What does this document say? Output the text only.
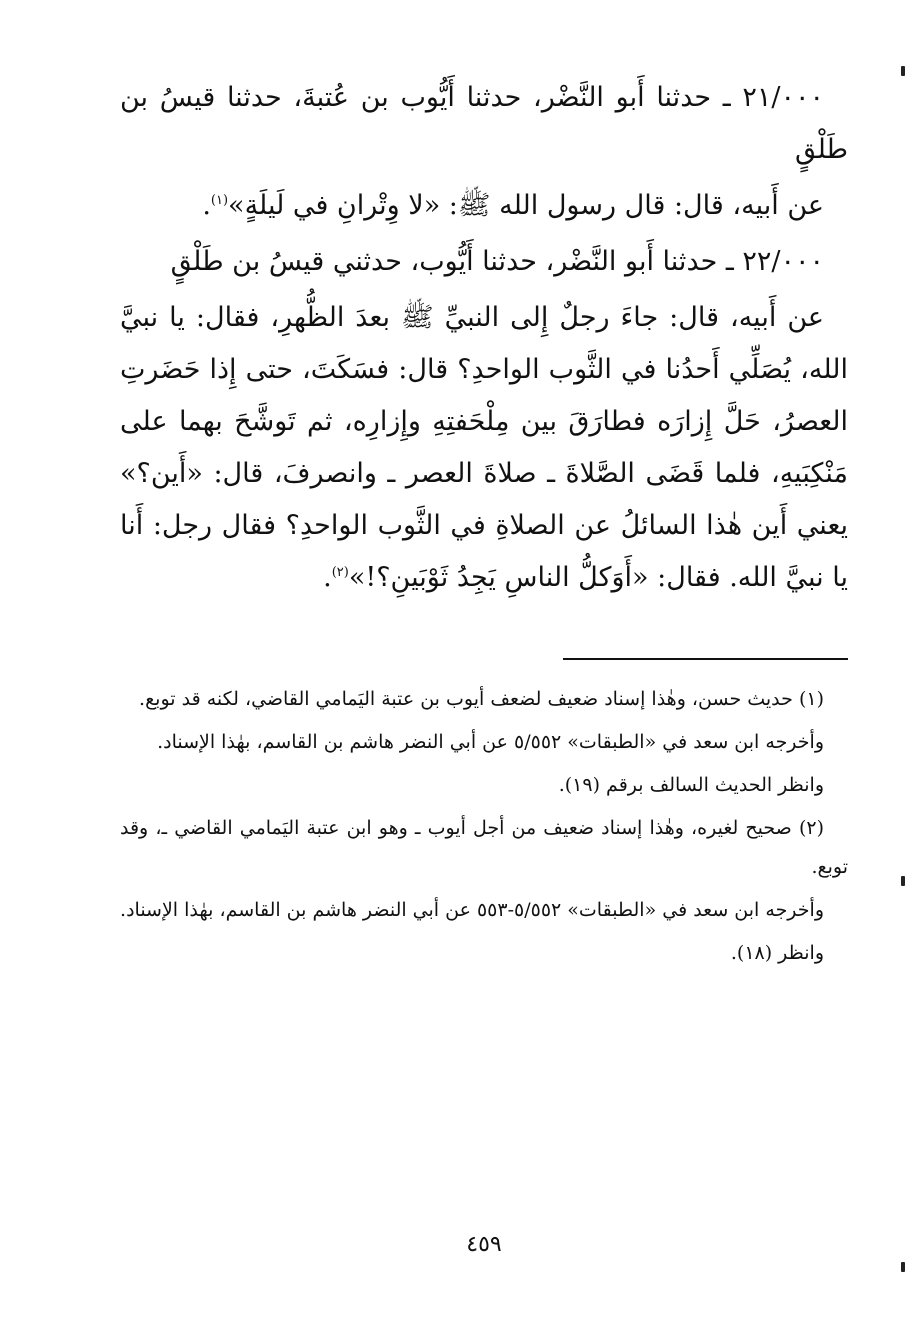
٢١/٠٠٠ ـ حدثنا أَبو النَّضْر، حدثنا أَيُّوب بن عُتبةَ، حدثنا قيسُ بن طَلْقٍ

عن أَبيه، قال: قال رسول الله ﷺ: «لا وِتْرانِ في لَيلَةٍ»$^{(١)}$.

٢٢/٠٠٠ ـ حدثنا أَبو النَّضْر، حدثنا أَيُّوب، حدثني قيسُ بن طَلْقٍ

عن أَبيه، قال: جاءَ رجلٌ إِلى النبيِّ ﷺ بعدَ الظُّهرِ، فقال: يا نبيَّ الله، يُصَلِّي أَحدُنا في الثَّوب الواحدِ؟ قال: فسَكَتَ، حتى إِذا حَضَرتِ العصرُ، حَلَّ إِزارَه فطارَقَ بين مِلْحَفتِهِ وإِزارِه، ثم تَوشَّحَ بهما على مَنْكِبَيهِ، فلما قَضَى الصَّلاةَ ـ صلاةَ العصر ـ وانصرفَ، قال: «أَين؟» يعني أَين هٰذا السائلُ عن الصلاةِ في الثَّوب الواحدِ؟ فقال رجل: أَنا يا نبيَّ الله. فقال: «أَوَكلُّ الناسِ يَجِدُ ثَوْبَينِ؟!»$^{(٢)}$.

(١) حديث حسن، وهٰذا إسناد ضعيف لضعف أيوب بن عتبة اليَمامي القاضي، لكنه قد توبع.

وأخرجه ابن سعد في «الطبقات» ٥/٥٥٢ عن أبي النضر هاشم بن القاسم، بهٰذا الإسناد.

وانظر الحديث السالف برقم (١٩).

(٢) صحيح لغيره، وهٰذا إسناد ضعيف من أجل أيوب ـ وهو ابن عتبة اليَمامي القاضي ـ، وقد توبع.

وأخرجه ابن سعد في «الطبقات» ٥/٥٥٢-٥٥٣ عن أبي النضر هاشم بن القاسم، بهٰذا الإسناد.

وانظر (١٨).

٤٥٩
